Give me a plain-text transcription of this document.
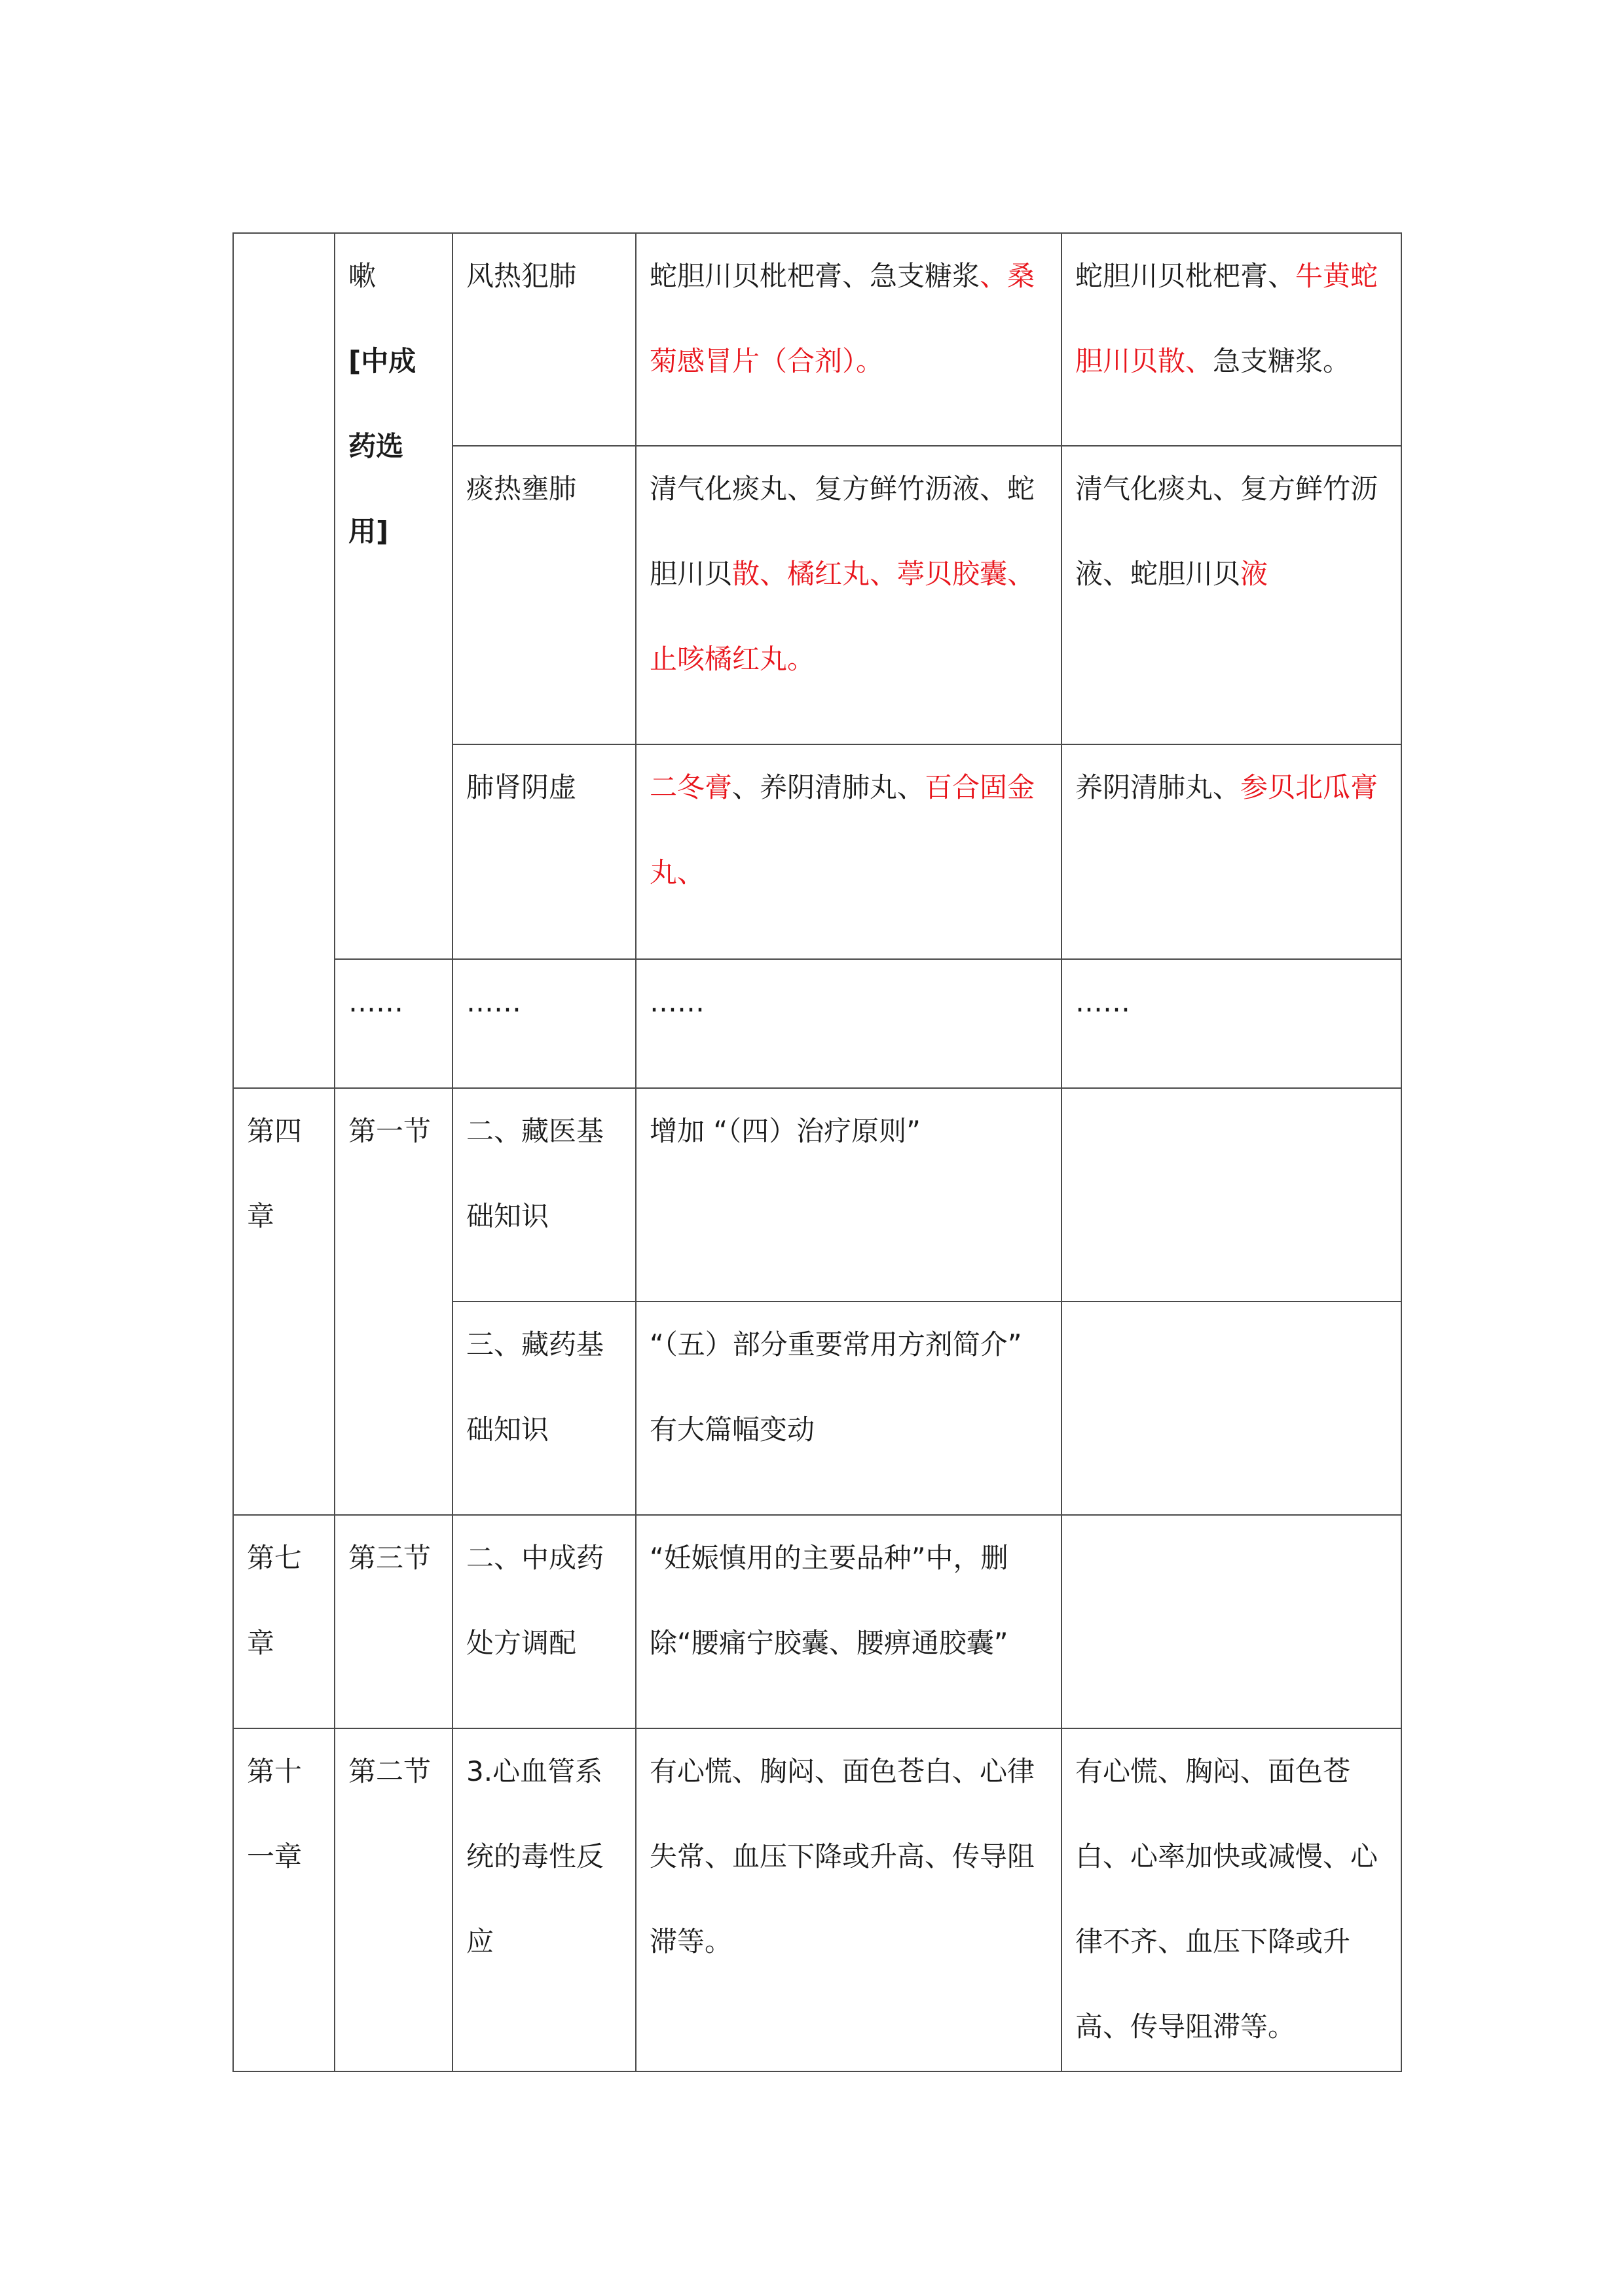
	嗽
[中成
药选
用]	风热犯肺	蛇胆川贝枇杷膏、急支糖浆、桑菊感冒片（合剂）。	蛇胆川贝枇杷膏、牛黄蛇胆川贝散、急支糖浆。

		痰热壅肺	清气化痰丸、复方鲜竹沥液、蛇胆川贝散、橘红丸、葶贝胶囊、止咳橘红丸。	清气化痰丸、复方鲜竹沥液、蛇胆川贝液

		肺肾阴虚	二冬膏、养阴清肺丸、百合固金丸、	养阴清肺丸、参贝北瓜膏

	……	……	……	……

第四章	第一节	二、藏医基础知识	增加 “（四）治疗原则”	

		三、藏药基础知识	“（五）部分重要常用方剂简介” 有大篇幅变动	

第七章	第三节	二、中成药处方调配	“妊娠慎用的主要品种”中，删除“腰痛宁胶囊、腰痹通胶囊”	

第十一章	第二节	3.心血管系统的毒性反应	有心慌、胸闷、面色苍白、心律失常、血压下降或升高、传导阻滞等。	有心慌、胸闷、面色苍白、心率加快或减慢、心律不齐、血压下降或升高、传导阻滞等。
